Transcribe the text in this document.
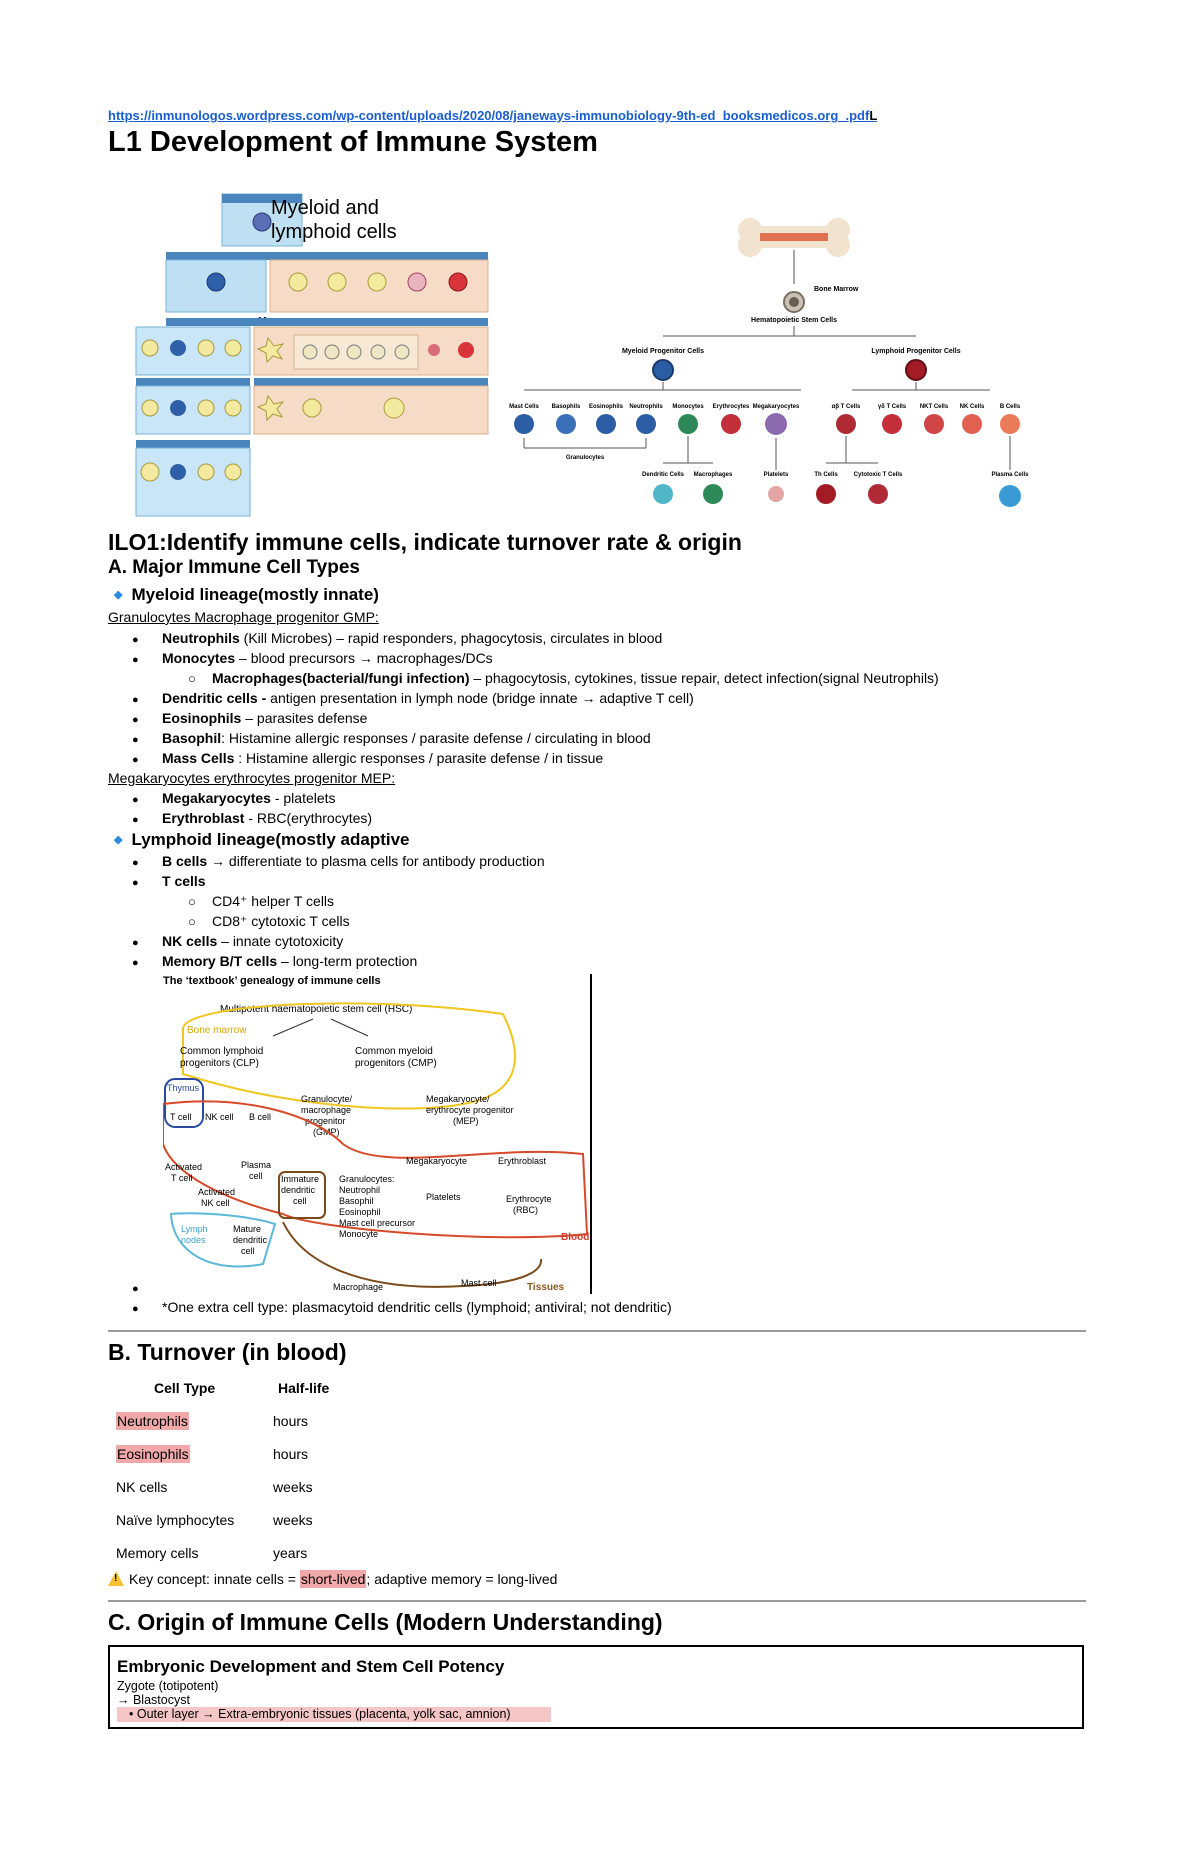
https://inmunologos.wordpress.com/wp-content/uploads/2020/08/janeways-immunobiology-9th-ed_booksmedicos.org_.pdfL
L1 Development of Immune System
Myeloid and
lymphoid cells
Bone Marrow
Hematopoietic Stem Cells
Myeloid Progenitor Cells	Lymphoid Progenitor Cells
Mast Cells Basophils Eosinophils Neutrophils Monocytes Erythrocytes Megakaryocytes	αβ T Cells	γδ T Cells NKT Cells NK Cells	B Cells
Granulocytes
Dendritic Cells Macrophages	Platelets	Th Cells	Cytotoxic T Cells	Plasma Cells
ILO1:Identify immune cells, indicate turnover rate & origin
A. Major Immune Cell Types
◆ Myeloid lineage(mostly innate)
Granulocytes Macrophage progenitor GMP:
● Neutrophils (Kill Microbes) – rapid responders, phagocytosis, circulates in blood
● Monocytes – blood precursors → macrophages/DCs
○ Macrophages(bacterial/fungi infection) – phagocytosis, cytokines, tissue repair, detect infection(signal Neutrophils)
● Dendritic cells - antigen presentation in lymph node (bridge innate → adaptive T cell)
● Eosinophils – parasites defense
● Basophil: Histamine allergic responses / parasite defense / circulating in blood
● Mass Cells : Histamine allergic responses / parasite defense / in tissue
Megakaryocytes erythrocytes progenitor MEP:
● Megakaryocytes - platelets
● Erythroblast - RBC(erythrocytes)
◆ Lymphoid lineage(mostly adaptive
● B cells → differentiate to plasma cells for antibody production
● T cells
○ CD4⁺ helper T cells
○ CD8⁺ cytotoxic T cells
● NK cells – innate cytotoxicity
● Memory B/T cells – long-term protection
The ‘textbook’ genealogy of immune cells
Multipotent haematopoietic stem cell (HSC)
Bone marrow
Common lymphoid
progenitors (CLP)
Common myeloid
progenitors (CMP)
Thymus
Granulocyte/
macrophage
progenitor
(GMP)
Megakaryocyte/
erythrocyte progenitor
(MEP)
T cell NK cell B cell
Megakaryocyte	Erythroblast
Activated
T cell
Plasma
cell
Activated
NK cell
Immature
dendritic
cell
Granulocytes:
Neutrophil
Basophil
Eosinophil
Mast cell precursor
Monocyte
Platelets	Erythrocyte
(RBC)
Lymph
nodes
Mature
dendritic
cell
Blood
Macrophage	Mast cell	Tissues
●
● *One extra cell type: plasmacytoid dendritic cells (lymphoid; antiviral; not dendritic)
B. Turnover (in blood)
Cell Type	Half-life
Neutrophils	hours
Eosinophils	hours
NK cells	weeks
Naïve lymphocytes	weeks
Memory cells	years
!Key concept: innate cells = short-lived; adaptive memory = long-lived
C. Origin of Immune Cells (Modern Understanding)
Embryonic Development and Stem Cell Potency
Zygote (totipotent)
→ Blastocyst
• Outer layer → Extra-embryonic tissues (placenta, yolk sac, amnion)
